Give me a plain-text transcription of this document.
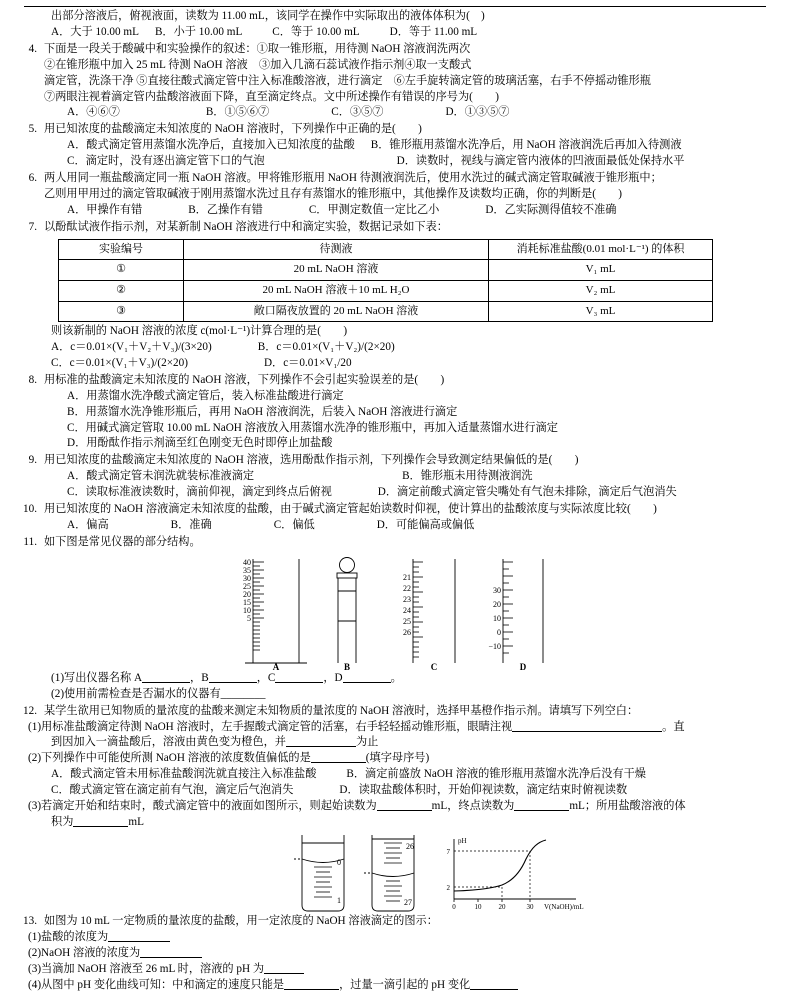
出部分溶液后，俯视液面，读数为 11.00 mL，该同学在操作中实际取出的液体体积为(　)
A．大于 10.00 mL B．小于 10.00 mL	C．等于 10.00 mL	D．等于 11.00 mL
4. 下面是一段关于酸碱中和实验操作的叙述：①取一锥形瓶，用待测 NaOH 溶液润洗两次
②在锥形瓶中加入 25 mL 待测 NaOH 溶液　③加入几滴石蕊试液作指示剂④取一支酸式
滴定管，洗涤干净 ⑤直接往酸式滴定管中注入标准酸溶液，进行滴定　⑥左手旋转滴定管的玻璃活塞，右手不停摇动锥形瓶
⑦两眼注视着滴定管内盐酸溶液面下降，直至滴定终点。文中所述操作有错误的序号为(　　)
A．④⑥⑦	B．①⑤⑥⑦	C．③⑤⑦	D．①③⑤⑦
5. 用已知浓度的盐酸滴定未知浓度的 NaOH 溶液时，下列操作中正确的是(　　)
A．酸式滴定管用蒸馏水洗净后，直接加入已知浓度的盐酸 B．锥形瓶用蒸馏水洗净后，用 NaOH 溶液润洗后再加入待测液
C．滴定时，没有逐出滴定管下口的气泡	D．读数时，视线与滴定管内液体的凹液面最低处保持水平
6. 两人用同一瓶盐酸滴定同一瓶 NaOH 溶液。甲将锥形瓶用 NaOH 待测液润洗后，使用水洗过的碱式滴定管取碱液于锥形瓶中；
乙则用甲用过的滴定管取碱液于刚用蒸馏水洗过且存有蒸馏水的锥形瓶中，其他操作及读数均正确，你的判断是(　　)
A．甲操作有错	B．乙操作有错	C．甲测定数值一定比乙小	D．乙实际测得值较不准确
7. 以酚酞试液作指示剂，对某新制 NaOH 溶液进行中和滴定实验，数据记录如下表：
实验编号	待测液	消耗标准盐酸(0.01 mol·L⁻¹) 的体积
①	20 mL NaOH 溶液	V₁ mL
②	20 mL NaOH 溶液＋10 mL H₂O	V₂ mL
③	敞口隔夜放置的 20 mL NaOH 溶液	V₃ mL
则该新制的 NaOH 溶液的浓度 c(mol·L⁻¹)计算合理的是(　　)
A．c＝0.01×(V₁＋V₂＋V₃)/(3×20)	B．c＝0.01×(V₁＋V₂)/(2×20)
C．c＝0.01×(V₁＋V₃)/(2×20)	D．c＝0.01×V₁/20
8. 用标准的盐酸滴定未知浓度的 NaOH 溶液，下列操作不会引起实验误差的是(　　)
A．用蒸馏水洗净酸式滴定管后，装入标准盐酸进行滴定
B．用蒸馏水洗净锥形瓶后，再用 NaOH 溶液润洗，后装入 NaOH 溶液进行滴定
C．用碱式滴定管取 10.00 mL NaOH 溶液放入用蒸馏水洗净的锥形瓶中，再加入适量蒸馏水进行滴定
D．用酚酞作指示剂滴至红色刚变无色时即停止加盐酸
9. 用已知浓度的盐酸滴定未知浓度的 NaOH 溶液，选用酚酞作指示剂，下列操作会导致测定结果偏低的是(　　)
A．酸式滴定管未润洗就装标准液滴定	B．锥形瓶未用待测液润洗
C．读取标准液读数时，滴前仰视，滴定到终点后俯视	D．滴定前酸式滴定管尖嘴处有气泡未排除，滴定后气泡消失
10. 用已知浓度的 NaOH 溶液滴定未知浓度的盐酸，由于碱式滴定管起始读数时仰视，使计算出的盐酸浓度与实际浓度比较(　　)
A．偏高	B．准确	C．偏低	D．可能偏高或偏低
11. 如下图是常见仪器的部分结构。
40
35
30
25
20
15
10
5
A	B
21
22
23
24
25
26
C
30
20
10
0
−10
D
(1)写出仪器名称 A	，B	，C	，D	。
(2)使用前需检查是否漏水的仪器有________
12. 某学生欲用已知物质的量浓度的盐酸来测定未知物质的量浓度的 NaOH 溶液时，选择甲基橙作指示剂。请填写下列空白：
(1)用标准盐酸滴定待测 NaOH 溶液时，左手握酸式滴定管的活塞，右手轻轻摇动锥形瓶，眼睛注视	。直
到因加入一滴盐酸后，溶液由黄色变为橙色，并	为止
(2)下列操作中可能使所测 NaOH 溶液的浓度数值偏低的是	(填字母序号)
A．酸式滴定管未用标准盐酸润洗就直接注入标准盐酸	B．滴定前盛放 NaOH 溶液的锥形瓶用蒸馏水洗净后没有干燥
C．酸式滴定管在滴定前有气泡，滴定后气泡消失	D．读取盐酸体积时，开始仰视读数，滴定结束时俯视读数
(3)若滴定开始和结束时，酸式滴定管中的液面如图所示，则起始读数为	mL，终点读数为	mL；所用盐酸溶液的体
积为	mL
0
1
26
27
pH
7
2
0	10 20	30 V(NaOH)/mL
13. 如图为 10 mL 一定物质的量浓度的盐酸，用一定浓度的 NaOH 溶液滴定的图示：
(1)盐酸的浓度为
(2)NaOH 溶液的浓度为
(3)当滴加 NaOH 溶液至 26 mL 时，溶液的 pH 为
(4)从图中 pH 变化曲线可知：中和滴定的速度只能是	，过量一滴引起的 pH 变化
